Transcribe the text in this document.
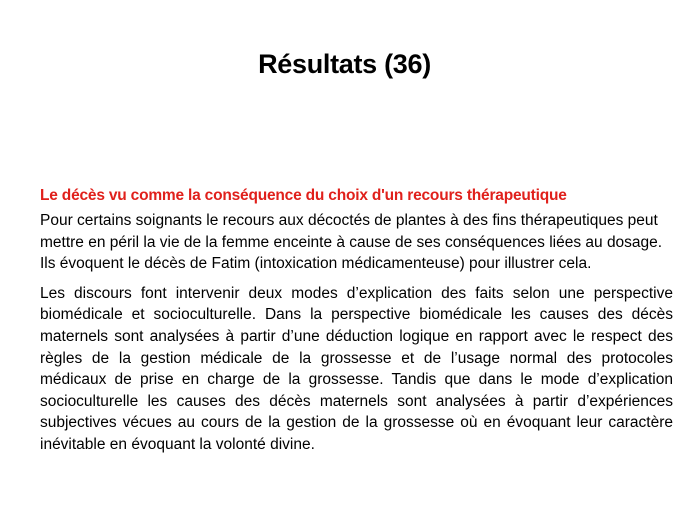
Résultats (36)
Le décès vu comme la conséquence du choix d'un recours thérapeutique

Pour certains soignants le recours aux décoctés de plantes à des fins thérapeutiques peut mettre en péril la vie de la femme enceinte à cause de ses conséquences liées au dosage. Ils évoquent le décès de Fatim (intoxication médicamenteuse) pour illustrer cela.

Les discours font intervenir deux modes d’explication des faits selon une perspective biomédicale et socioculturelle. Dans la perspective biomédicale les causes des décès maternels sont analysées à partir d’une déduction logique en rapport avec le respect des règles de la gestion médicale de la grossesse et de l’usage normal des protocoles médicaux de prise en charge de la grossesse. Tandis que dans le mode d’explication socioculturelle les causes des décès maternels sont analysées à partir d’expériences subjectives vécues au cours de la gestion de la grossesse où en évoquant leur caractère inévitable en évoquant la volonté divine.
